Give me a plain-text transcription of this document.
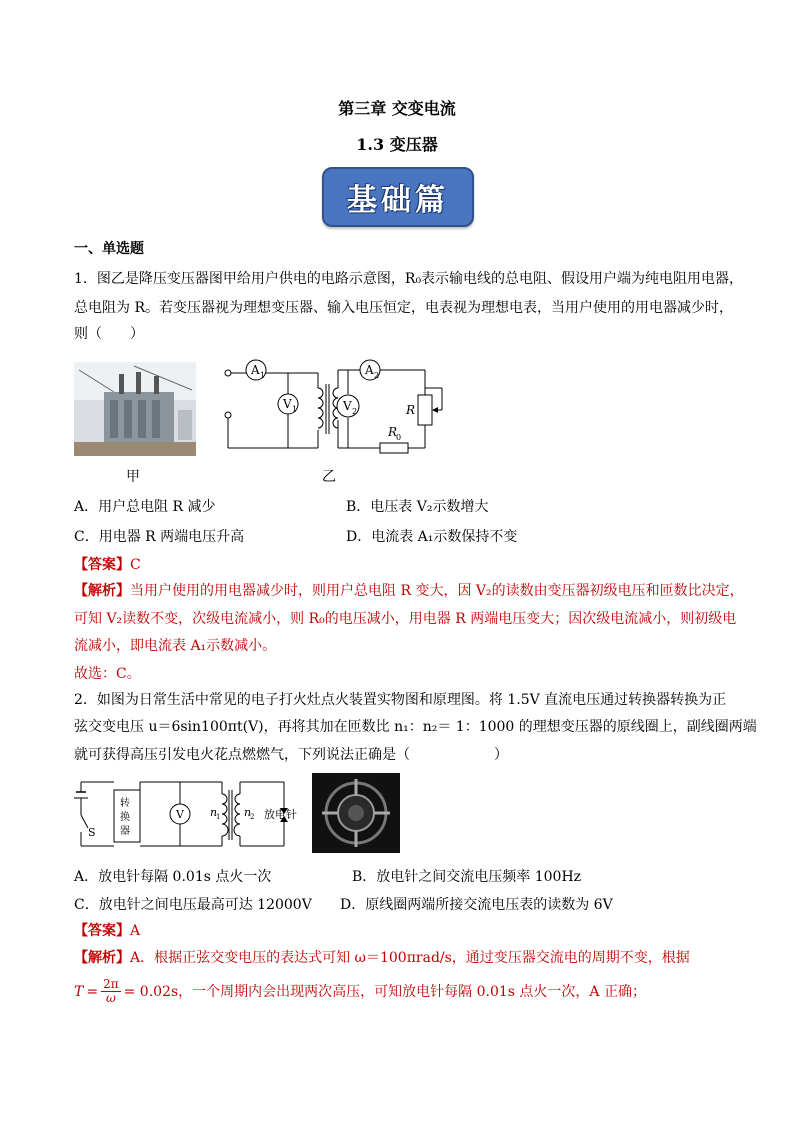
第三章 交变电流
1.3 变压器
基础篇
一、单选题
1．图乙是降压变压器图甲给用户供电的电路示意图，R₀表示输电线的总电阻、假设用户端为纯电阻用电器，
总电阻为 R。若变压器视为理想变压器、输入电压恒定，电表视为理想电表，当用户使用的用电器减少时，
则（　　）
甲
A
V
A
V
1
1
2
2	R
R
0
乙
A．用户总电阻 R 减少	B．电压表 V₂示数增大
C．用电器 R 两端电压升高	D．电流表 A₁示数保持不变
【答案】C
【解析】当用户使用的用电器减少时，则用户总电阻 R 变大，因 V₂的读数由变压器初级电压和匝数比决定，
可知 V₂读数不变，次级电流减小，则 R₀的电压减小，用电器 R 两端电压变大；因次级电流减小，则初级电
流减小，即电流表 A₁示数减小。
故选：C。
2．如图为日常生活中常见的电子打火灶点火装置实物图和原理图。将 1.5V 直流电压通过转换器转换为正
弦交变电压 u＝6sin100πt(V)，再将其加在匝数比 n₁：n₂＝ 1：1000 的理想变压器的原线圈上，副线圈两端
就可获得高压引发电火花点燃燃气，下列说法正确是（　　　　　　）
V
转
换
器
S
n
1 n
2 放电针
A．放电针每隔 0.01s 点火一次	B．放电针之间交流电压频率 100Hz
C．放电针之间电压最高可达 12000V D．原线圈两端所接交流电压表的读数为 6V
【答案】A
【解析】A．根据正弦交变电压的表达式可知 ω＝100πrad/s，通过变压器交流电的周期不变，根据
$T = \frac{2\pi}{\omega} = 0.02s$ ，一个周期内会出现两次高压，可知放电针每隔 0.01s 点火一次，A 正确；
